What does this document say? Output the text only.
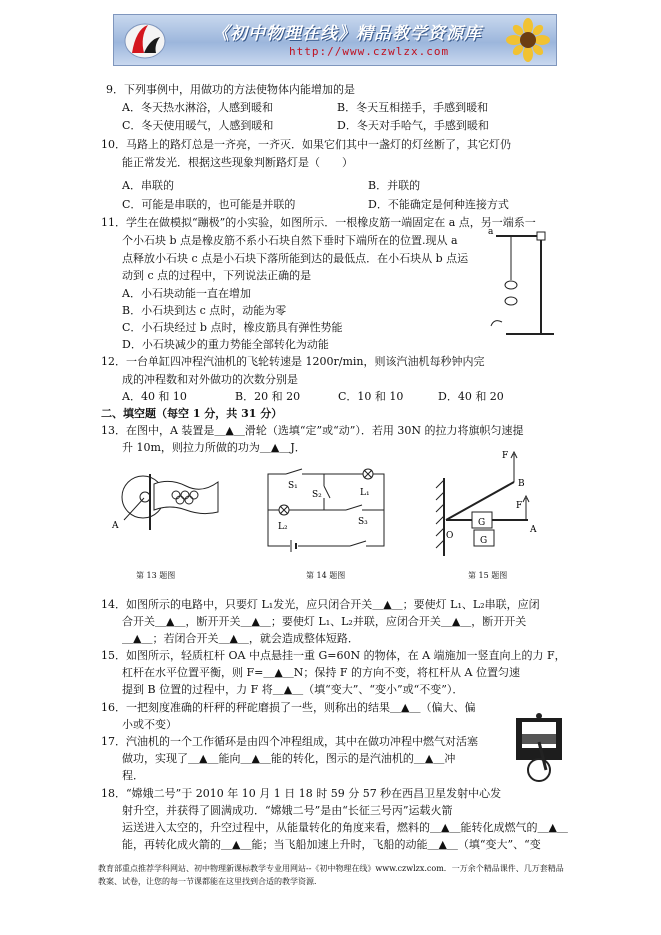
《初中物理在线》精品教学资源库
http://www.czwlzx.com
9．下列事例中，用做功的方法使物体内能增加的是
A．冬天热水淋浴，人感到暖和	B．冬天互相搓手，手感到暖和
C．冬天使用暖气，人感到暖和	D．冬天对手哈气，手感到暖和
10．马路上的路灯总是一齐亮，一齐灭．如果它们其中一盏灯的灯丝断了，其它灯仍
能正常发光．根据这些现象判断路灯是（　　）
A．串联的	B．并联的
C．可能是串联的，也可能是并联的	D．不能确定是何种连接方式
11．学生在做模拟“蹦极”的小实验，如图所示．一根橡皮筋一端固定在 a 点，另一端系一
个小石块 b 点是橡皮筋不系小石块自然下垂时下端所在的位置.现从 a
点释放小石块 c 点是小石块下落所能到达的最低点．在小石块从 b 点运
动到 c 点的过程中，下列说法正确的是
A．小石块动能一直在增加
B．小石块到达 c 点时，动能为零
C．小石块经过 b 点时，橡皮筋具有弹性势能
D．小石块减少的重力势能全部转化为动能
12．一台单缸四冲程汽油机的飞轮转速是 1200r/min，则该汽油机每秒钟内完
成的冲程数和对外做功的次数分别是
A．40 和 10	B．20 和 20	C．10 和 10	D．40 和 20
二、填空题（每空 1 分，共 31 分）
13．在图中，A 装置是＿▲＿滑轮（选填“定”或“动”）．若用 30N 的拉力将旗帜匀速提
升 10m，则拉力所做的功为＿▲＿J．
14．如图所示的电路中，只要灯 L₁发光，应只闭合开关＿▲＿；要使灯 L₁、L₂串联，应闭
合开关＿▲＿，断开开关＿▲＿；要使灯 L₁、L₂并联，应闭合开关＿▲＿，断开开关
＿▲＿；若闭合开关＿▲＿，就会造成整体短路．
15．如图所示，轻质杠杆 OA 中点悬挂一重 G=60N 的物体，在 A 端施加一竖直向上的力 F，
杠杆在水平位置平衡，则 F=＿▲＿N；保持 F 的方向不变，将杠杆从 A 位置匀速
提到 B 位置的过程中，力 F 将＿▲＿（填“变大”、“变小”或“不变”）．
16．一把刻度准确的杆秤的秤砣磨损了一些，则称出的结果＿▲＿（偏大、偏
小或不变）
17．汽油机的一个工作循环是由四个冲程组成，其中在做功冲程中燃气对活塞
做功，实现了＿▲＿能向＿▲＿能的转化，图示的是汽油机的＿▲＿冲
程．
18．“嫦娥二号”于 2010 年 10 月 1 日 18 时 59 分 57 秒在西昌卫星发射中心发
射升空，并获得了圆满成功．“嫦娥二号”是由“长征三号丙”运载火箭
运送进入太空的，升空过程中，从能量转化的角度来看，燃料的＿▲＿能转化成燃气的＿▲＿
能，再转化成火箭的＿▲＿能；当飞船加速上升时，飞船的动能＿▲＿（填“变大”、“变
a
A
S₁
S₂	L₁
L₂	S₃
F
B
F
A
G
G
O
第 13 题图	第 14 题图	第 15 题图
教育部重点推荐学科网站、初中物理新课标教学专业用网站--《初中物理在线》www.czwlzx.com．一万余个精品课件、几万套精品教案、试卷，让您的每一节课都能在这里找到合适的教学资源．
